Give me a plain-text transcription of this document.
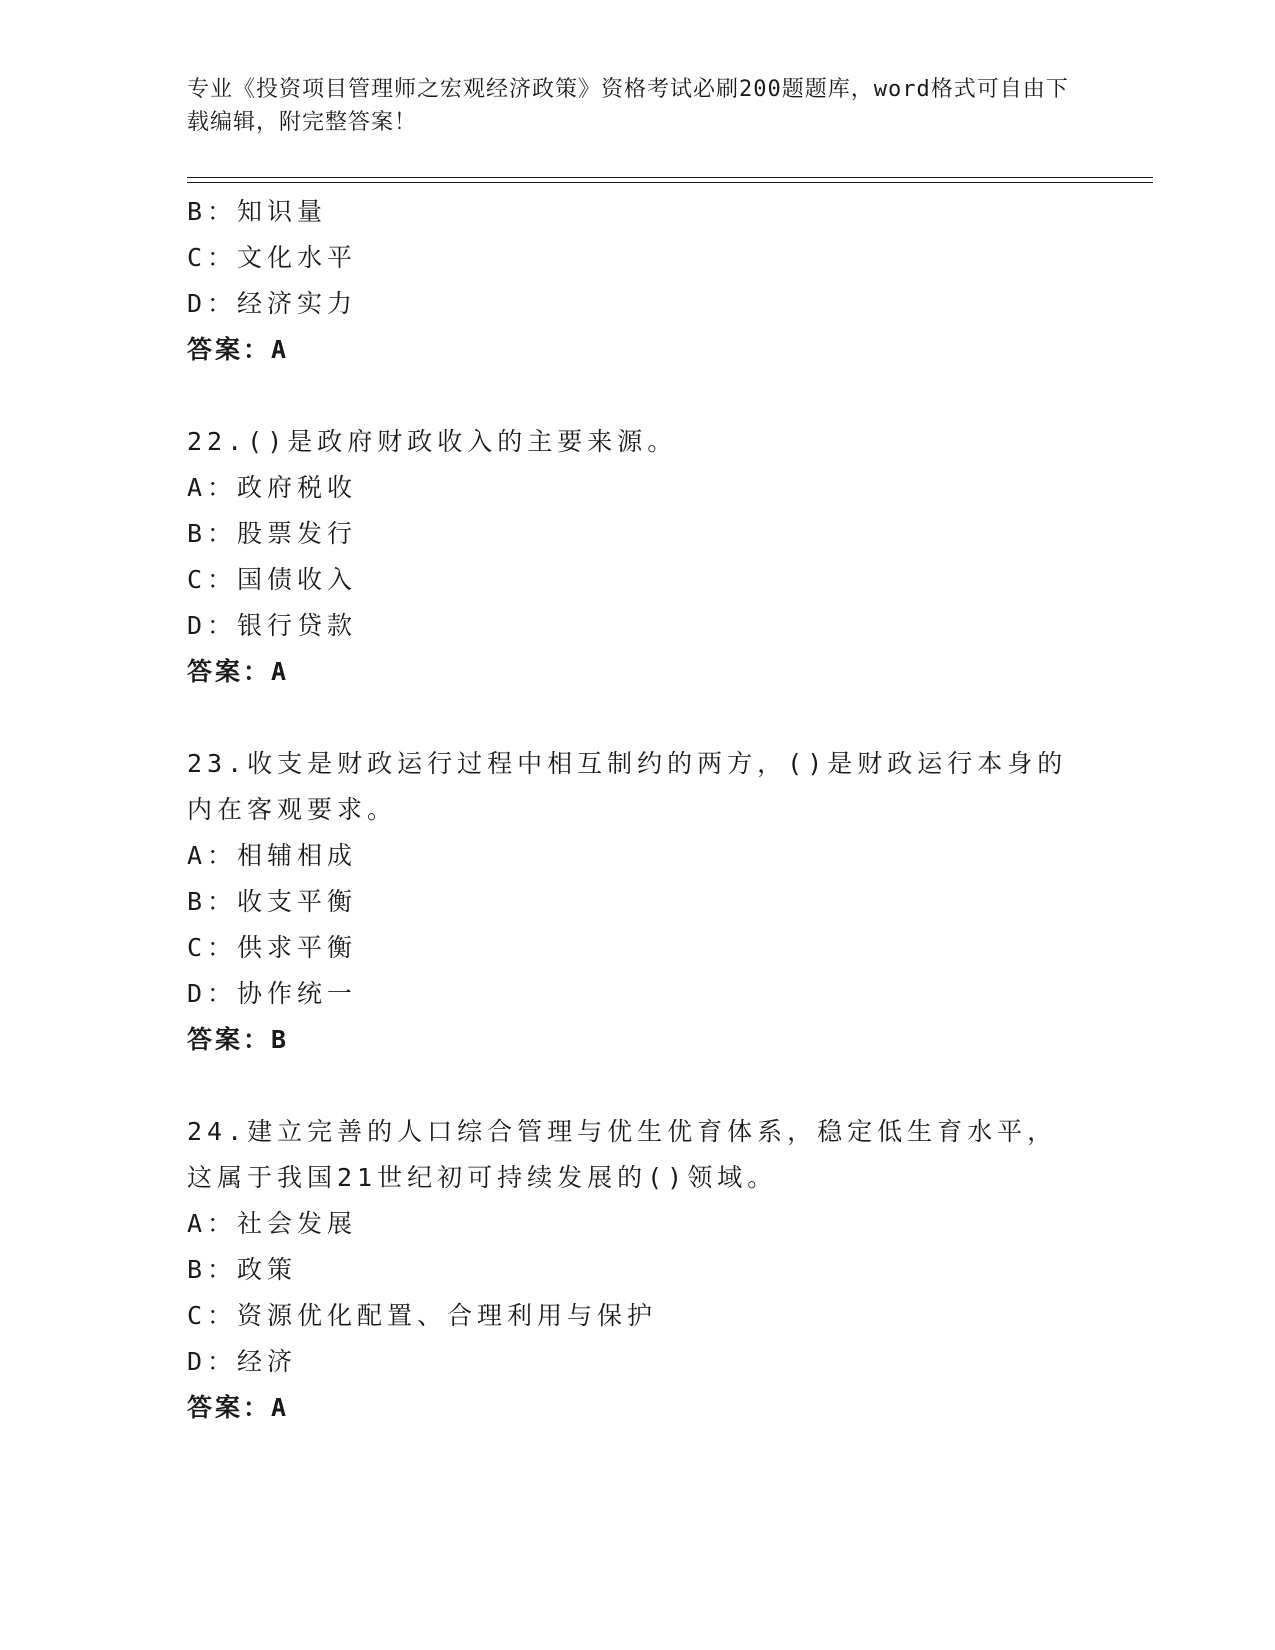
专业《投资项目管理师之宏观经济政策》资格考试必刷200题题库，word格式可自由下载编辑，附完整答案！
B：知识量
C：文化水平
D：经济实力
答案：A
22.()是政府财政收入的主要来源。
A：政府税收
B：股票发行
C：国债收入
D：银行贷款
答案：A
23.收支是财政运行过程中相互制约的两方，()是财政运行本身的内在客观要求。
A：相辅相成
B：收支平衡
C：供求平衡
D：协作统一
答案：B
24.建立完善的人口综合管理与优生优育体系，稳定低生育水平，这属于我国21世纪初可持续发展的()领域。
A：社会发展
B：政策
C：资源优化配置、合理利用与保护
D：经济
答案：A
